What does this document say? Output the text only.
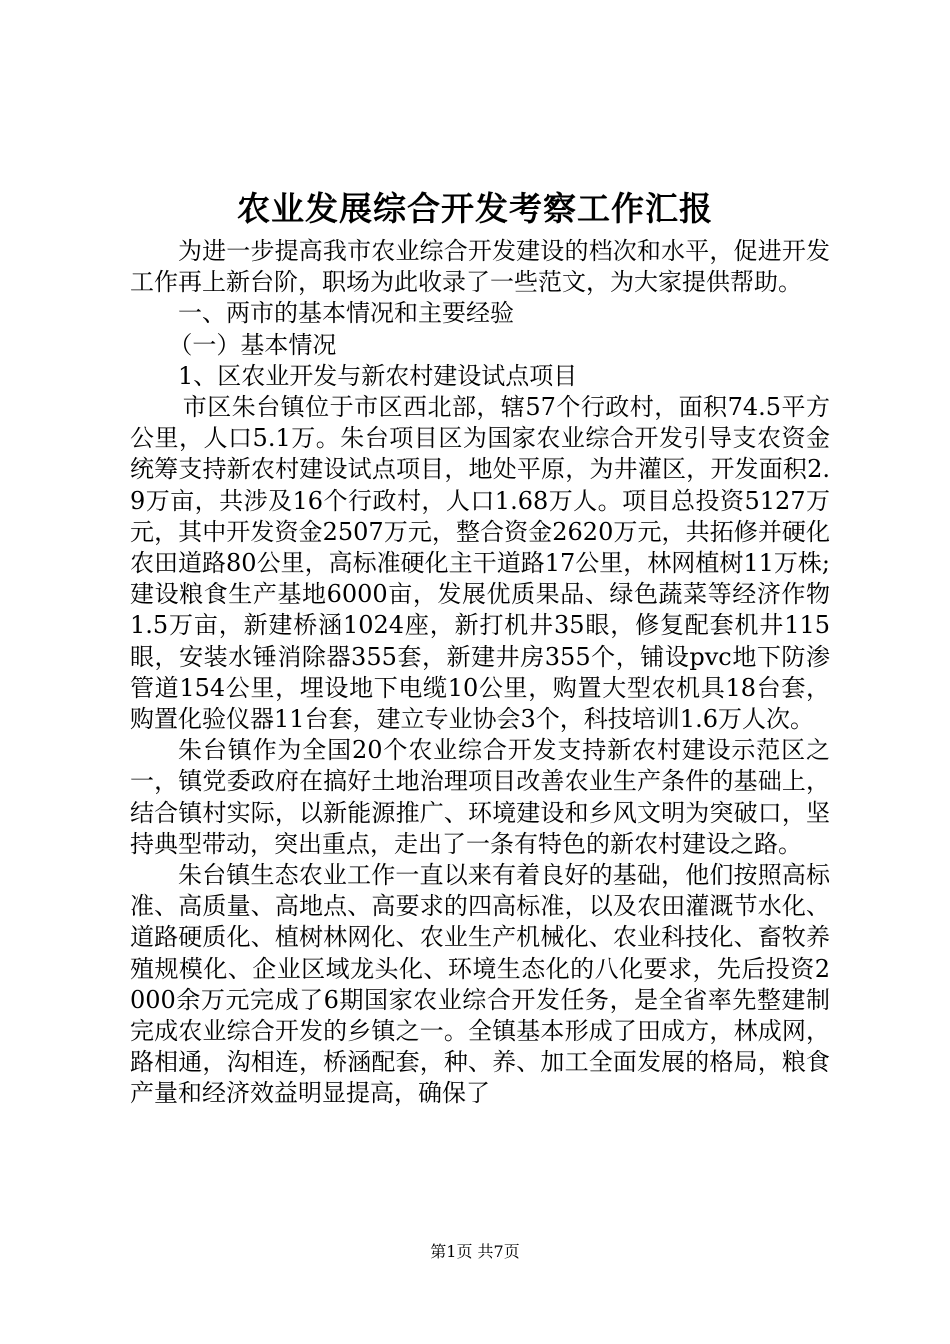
农业发展综合开发考察工作汇报

为进一步提高我市农业综合开发建设的档次和水平，促进开发工作再上新台阶，职场为此收录了一些范文，为大家提供帮助。

一、两市的基本情况和主要经验

（一）基本情况

1、区农业开发与新农村建设试点项目

市区朱台镇位于市区西北部，辖57个行政村，面积74.5平方公里，人口5.1万。朱台项目区为国家农业综合开发引导支农资金统筹支持新农村建设试点项目，地处平原，为井灌区，开发面积2.9万亩，共涉及16个行政村，人口1.68万人。项目总投资5127万元，其中开发资金2507万元，整合资金2620万元，共拓修并硬化农田道路80公里，高标准硬化主干道路17公里，林网植树11万株;建设粮食生产基地6000亩，发展优质果品、绿色蔬菜等经济作物1.5万亩，新建桥涵1024座，新打机井35眼，修复配套机井115眼，安装水锤消除器355套，新建井房355个，铺设pvc地下防渗管道154公里，埋设地下电缆10公里，购置大型农机具18台套，购置化验仪器11台套，建立专业协会3个，科技培训1.6万人次。

朱台镇作为全国20个农业综合开发支持新农村建设示范区之一，镇党委政府在搞好土地治理项目改善农业生产条件的基础上，结合镇村实际，以新能源推广、环境建设和乡风文明为突破口，坚持典型带动，突出重点，走出了一条有特色的新农村建设之路。

朱台镇生态农业工作一直以来有着良好的基础，他们按照高标准、高质量、高地点、高要求的四高标准，以及农田灌溉节水化、道路硬质化、植树林网化、农业生产机械化、农业科技化、畜牧养殖规模化、企业区域龙头化、环境生态化的八化要求，先后投资2000余万元完成了6期国家农业综合开发任务，是全省率先整建制完成农业综合开发的乡镇之一。全镇基本形成了田成方，林成网，路相通，沟相连，桥涵配套，种、养、加工全面发展的格局，粮食产量和经济效益明显提高，确保了

第1页 共7页
